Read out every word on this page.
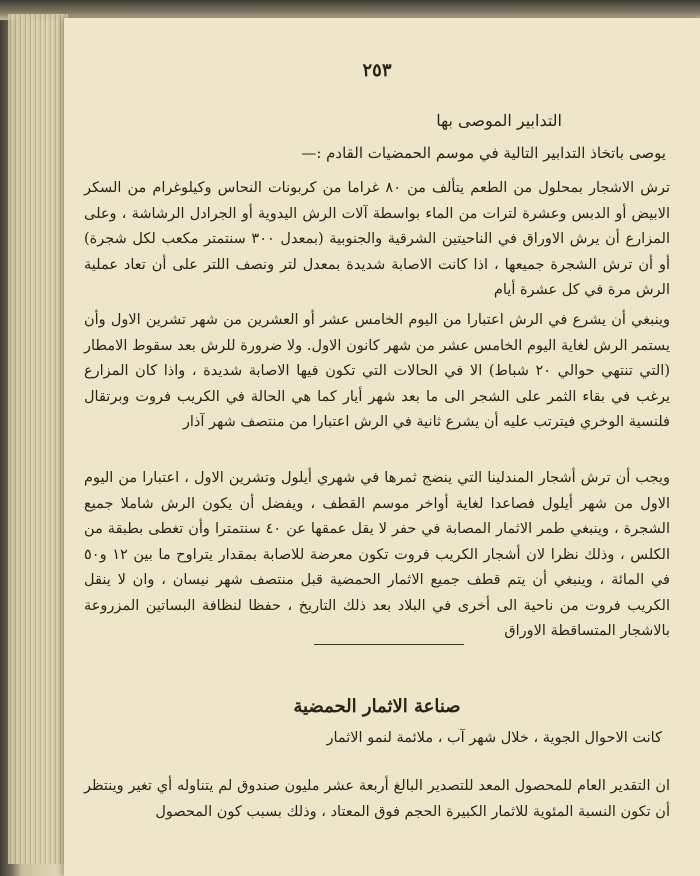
٢٥٣
التدابير الموصى بها
يوصى باتخاذ التدابير التالية في موسم الحمضيات القادم :—
ترش الاشجار بمحلول من الطعم يتألف من ٨٠ غراما من كربونات النحاس وكيلوغرام من السكر الابيض أو الدبس وعشرة لترات من الماء بواسطة آلات الرش اليدوية أو الجرادل الرشاشة ، وعلى المزارع أن يرش الاوراق في الناحيتين الشرقية والجنوبية (بمعدل ٣٠٠ سنتمتر مكعب لكل شجرة) أو أن ترش الشجرة جميعها ، اذا كانت الاصابة شديدة بمعدل لتر ونصف اللتر على أن تعاد عملية الرش مرة في كل عشرة أيام
وينبغي أن يشرع في الرش اعتبارا من اليوم الخامس عشر أو العشرين من شهر تشرين الاول وأن يستمر الرش لغاية اليوم الخامس عشر من شهر كانون الاول. ولا ضرورة للرش بعد سقوط الامطار (التي تنتهي حوالي ٢٠ شباط) الا في الحالات التي تكون فيها الاصابة شديدة ، واذا كان المزارع يرغب في بقاء الثمر على الشجر الى ما بعد شهر أيار كما هي الحالة في الكريب فروت وبرتقال فلنسية الوخري فيترتب عليه أن يشرع ثانية في الرش اعتبارا من منتصف شهر آذار
ويجب أن ترش أشجار المندلينا التي ينضج ثمرها في شهري أيلول وتشرين الاول ، اعتبارا من اليوم الاول من شهر أيلول فصاعدا لغاية أواخر موسم القطف ، ويفضل أن يكون الرش شاملا جميع الشجرة ، وينبغي طمر الاثمار المصابة في حفر لا يقل عمقها عن ٤٠ سنتمترا وأن تغطى بطبقة من الكلس ، وذلك نظرا لان أشجار الكريب فروت تكون معرضة للاصابة بمقدار يتراوح ما بين ١٢ و٥٠ في المائة ، وينبغي أن يتم قطف جميع الاثمار الحمضية قبل منتصف شهر نيسان ، وان لا ينقل الكريب فروت من ناحية الى أخرى في البلاد بعد ذلك التاريخ ، حفظا لنظافة البساتين المزروعة بالاشجار المتساقطة الاوراق
صناعة الاثمار الحمضية
كانت الاحوال الجوية ، خلال شهر آب ، ملائمة لنمو الاثمار
ان التقدير العام للمحصول المعد للتصدير البالغ أربعة عشر مليون صندوق لم يتناوله أي تغير وينتظر أن تكون النسبة المئوية للاثمار الكبيرة الحجم فوق المعتاد ، وذلك بسبب كون المحصول
